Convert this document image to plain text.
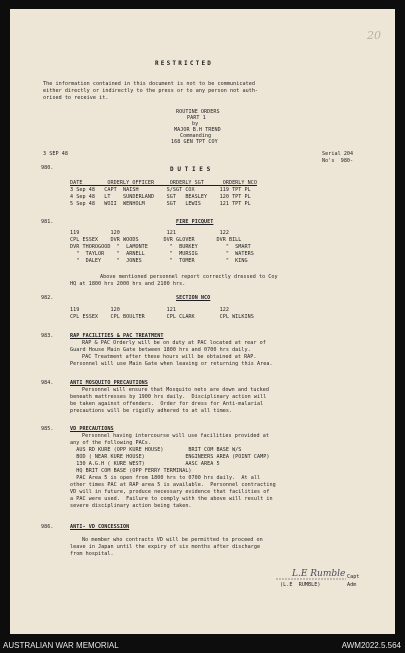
20
RESTRICTED
The information contained in this document is not to be communicated
either directly or indirectly to the press or to any person not auth-
orised to receive it.
ROUTINE ORDERS
PART 1
by
MAJOR B.H TREND
Commanding
168 GEN TPT COY
3 SEP 48	Serial 204
No's  980-
980.	D U T I E S
DATE        ORDERLY OFFICER     ORDERLY SGT      ORDERLY NCO
3 Sep 48   CAPT  NAISH         S/SGT COX        119 TPT PL
4 Sep 48   LT    SUNDERLAND    SGT   BEASLEY    120 TPT PL
5 Sep 48   WOII  WENHOLM       SGT   LEWIS      121 TPT PL
981.	FIRE PICQUET
119          120               121              122
CPL ESSEX    DVR WOODS        DVR GLOVER       DVR BILL
DVR THOROGOOD  "  LAMONTE       "  BURKEY         "  SMART
"  TAYLOR    "  ARNELL        "  MURSIG         "  WATERS
"  DALEY     "  JONES         "  TOMER          "  KING
Above mentioned personnel report correctly dressed to Coy
HQ at 1800 hrs 2000 hrs and 2100 hrs.
982.	SECTION NCO
119          120               121              122
CPL ESSEX    CPL BOULTER       CPL CLARK        CPL WILKINS
983.	RAP FACILITIES & PAC TREATMENT
RAP & PAC Orderly will be on duty at PAC located at rear of
Guard House Main Gate between 1800 hrs and 0700 hrs daily.
PAC Treatment after these hours will be obtained at RAP.
Personnel will use Main Gate when leaving or returning this Area.
984.	ANTI MOSQUITO PRECAUTIONS
Personnel will ensure that Mosquito nets are down and tucked
beneath mattresses by 1900 hrs daily.  Disciplinary action will
be taken against offenders.  Order for dress for Anti-malarial
precautions will be rigidly adhered to at all times.
985.	VD PRECAUTIONS
Personnel having intercourse will use facilities provided at
any of the following PACs.
AUS RD KURE (OPP KURE HOUSE)        BRIT COM BASE W/S
BOD ( NEAR KURE HOUSE)             ENGINEERS AREA (POINT CAMP)
130 A.G.H ( KURE WEST)             AASC AREA 5
HQ BRIT COM BASE (OPP FERRY TERMINAL)
PAC Area 5 is open from 1800 hrs to 0700 hrs daily.  At all
other times PAC at RAP area 5 is available.  Personnel contracting
VD will in future, produce necessary evidence that facilities of
a PAC were used.  Failure to comply with the above will result in
severe disciplinary action being taken.
986.	ANTI- VD CONCESSION
No member who contracts VD will be permitted to proceed on
leave in Japan until the expiry of six months after discharge
from hospital.
L.E Rumble Capt
(L.E  RUMBLE)	Adm
AUSTRALIAN WAR MEMORIAL	AWM2022.5.564
